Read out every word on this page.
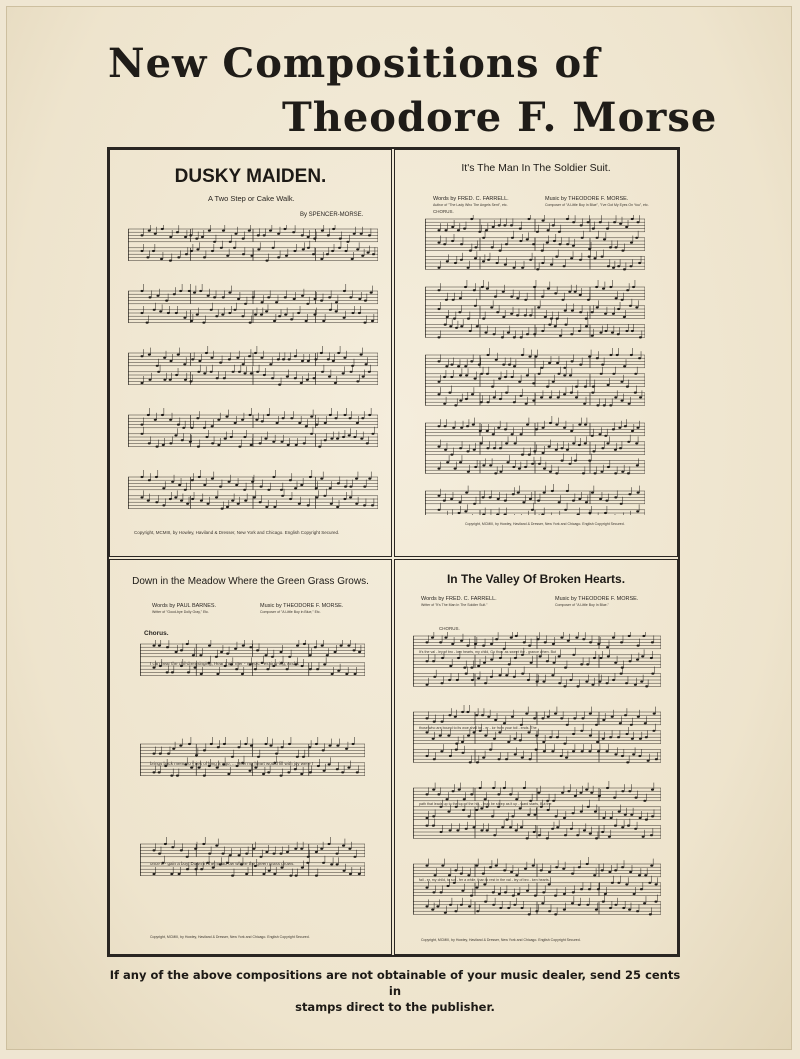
New Compositions of
Theodore F. Morse
DUSKY MAIDEN.
A Two Step or Cake Walk.
By SPENCER-MORSE.
Copyright, MCMIII, by Howley, Haviland & Dresser, New York and Chicago. English Copyright Secured.
It's The Man In The Soldier Suit.
Words by FRED. C. FARRELL.	Music by THEODORE F. MORSE.
Author of "The Lady Who The Angels Sent", etc.	Composer of "A Little Boy In Blue", "I've Got My Eyes On You", etc.
CHORUS.
Copyright, MCMIII, by Howley, Haviland & Dresser, New York and Chicago. English Copyright Secured.
Down in the Meadow Where the Green Grass Grows.
Words by PAUL BARNES.	Music by THEODORE F. MORSE.
Writer of "Good-bye Dolly Gray," Etc.	Composer of "A Little Boy in Blue," Etc.
Chorus.
I can hear the chil-dren singing, Hear their mer - ry voic - es ring-ing, And it
brings back mem - o - ries of long a - go, ... How my heart would fill with joy were I
once a - gain a boy, Down in the mead-ow where the green grass grows.
Copyright, MCMIII, by Howley, Haviland & Dresser, New York and Chicago. English Copyright Secured.
In The Valley Of Broken Hearts.
Words by FRED. C. FARRELL.	Music by THEODORE F. MORSE.
Writer of "It's The Man In The Soldier Suit."	Composer of "A Little Boy In Blue."
CHORUS.
It's the val - ley of bro - ken hearts, my child, Go thou' as sweet the - grance when. But
those who are bound to its woe shall be - er - ior from your toil - ends. The
path that leads up to the top of the hill, - may be steep as it up - ward starts, But the
fail - er, my child, to suf - fer a while, than to rest in the val - ley of bro - ken hearts.
Copyright, MCMIII, by Howley, Haviland & Dresser, New York and Chicago. English Copyright Secured.
If any of the above compositions are not obtainable of your music dealer, send 25 cents in
stamps direct to the publisher.
